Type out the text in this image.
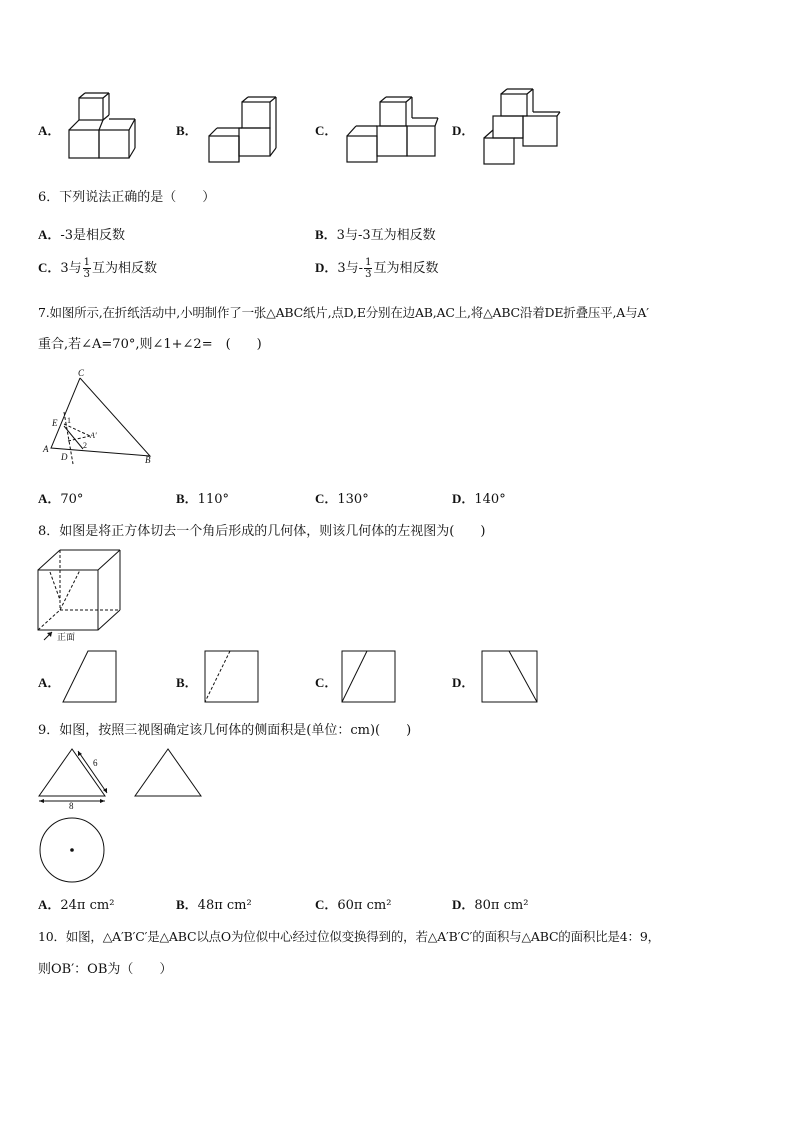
A．	B．	C．	D．
6．下列说法正确的是（　　）
A．-3是相反数	B．3与-3互为相反数
C．3与 $\frac{1}{3}$ 互为相反数	D．3与- $\frac{1}{3}$ 互为相反数
7.如图所示,在折纸活动中,小明制作了一张△ABC纸片,点D,E分别在边AB,AC上,将△ABC沿着DE折叠压平,A与A′
重合,若∠A=70°,则∠1+∠2=　(　　)
C
E 1
A′
2
A
D	B
A．70°	B．110°	C．130°	D．140°
8．如图是将正方体切去一个角后形成的几何体，则该几何体的左视图为(　　)
正面
A．	B．	C．	D．
9．如图，按照三视图确定该几何体的侧面积是(单位：cm)(　　)
6
8
A．24π cm²	B．48π cm²	C．60π cm²	D．80π cm²
10．如图，△A′B′C′是△ABC以点O为位似中心经过位似变换得到的，若△A′B′C′的面积与△ABC的面积比是4：9，
则OB′：OB为（　　）
